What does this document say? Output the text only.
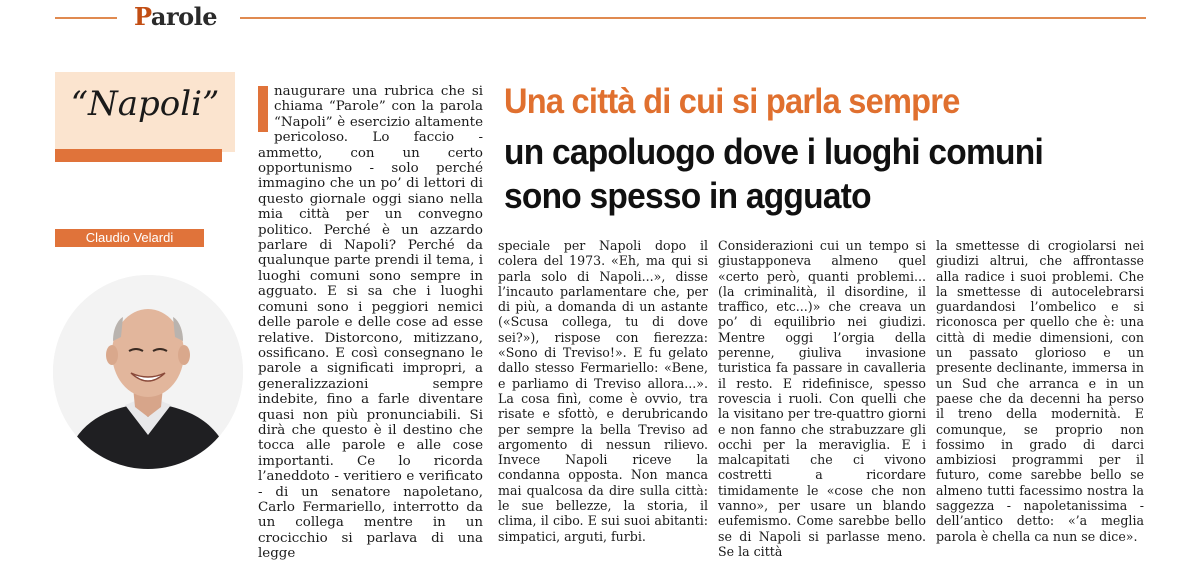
Parole
“Napoli”
Claudio Velardi
Una città di cui si parla sempre
un capoluogo dove i luoghi comuni
sono spesso in agguato

naugurare una rubrica che si chiama “Parole” con la parola “Napoli” è esercizio altamente pericoloso. Lo faccio - ammetto, con un certo opportunismo - solo perché immagino che un po’ di lettori di questo giornale oggi siano nella mia città per un convegno politico. Perché è un azzardo parlare di Napoli? Perché da qualunque parte prendi il tema, i luoghi comuni sono sempre in agguato. E si sa che i luoghi comuni sono i peggiori nemici delle parole e delle cose ad esse relative. Distorcono, mitizzano, ossificano. E così consegnano le parole a significati impropri, a generalizzazioni sempre indebite, fino a farle diventare quasi non più pronunciabili. Si dirà che questo è il destino che tocca alle parole e alle cose importanti. Ce lo ricorda l’aneddoto - veritiero e verificato - di un senatore napoletano, Carlo Fermariello, interrotto da un collega mentre in un crocicchio si parlava di una legge

speciale per Napoli dopo il colera del 1973. «Eh, ma qui si parla solo di Napoli...», disse l’incauto parlamentare che, per di più, a domanda di un astante («Scusa collega, tu di dove sei?»), rispose con fierezza: «Sono di Treviso!». E fu gelato dallo stesso Fermariello: «Bene, e parliamo di Treviso allora...». La cosa finì, come è ovvio, tra risate e sfottò, e derubricando per sempre la bella Treviso ad argomento di nessun rilievo. Invece Napoli riceve la condanna opposta. Non manca mai qualcosa da dire sulla città: le sue bellezze, la storia, il clima, il cibo. E sui suoi abitanti: simpatici, arguti, furbi.

Considerazioni cui un tempo si giustapponeva almeno quel «certo però, quanti problemi... (la criminalità, il disordine, il traffico, etc...)» che creava un po’ di equilibrio nei giudizi. Mentre oggi l’orgia della perenne, giuliva invasione turistica fa passare in cavalleria il resto. E ridefinisce, spesso rovescia i ruoli. Con quelli che la visitano per tre-quattro giorni e non fanno che strabuzzare gli occhi per la meraviglia. E i malcapitati che ci vivono costretti a ricordare timidamente le «cose che non vanno», per usare un blando eufemismo. Come sarebbe bello se di Napoli si parlasse meno. Se la città

la smettesse di crogiolarsi nei giudizi altrui, che affrontasse alla radice i suoi problemi. Che la smettesse di autocelebrarsi guardandosi l’ombelico e si riconosca per quello che è: una città di medie dimensioni, con un passato glorioso e un presente declinante, immersa in un Sud che arranca e in un paese che da decenni ha perso il treno della modernità. E comunque, se proprio non fossimo in grado di darci ambiziosi programmi per il futuro, come sarebbe bello se almeno tutti facessimo nostra la saggezza - napoletanissima - dell’antico detto: «’a meglia parola è chella ca nun se dice».
